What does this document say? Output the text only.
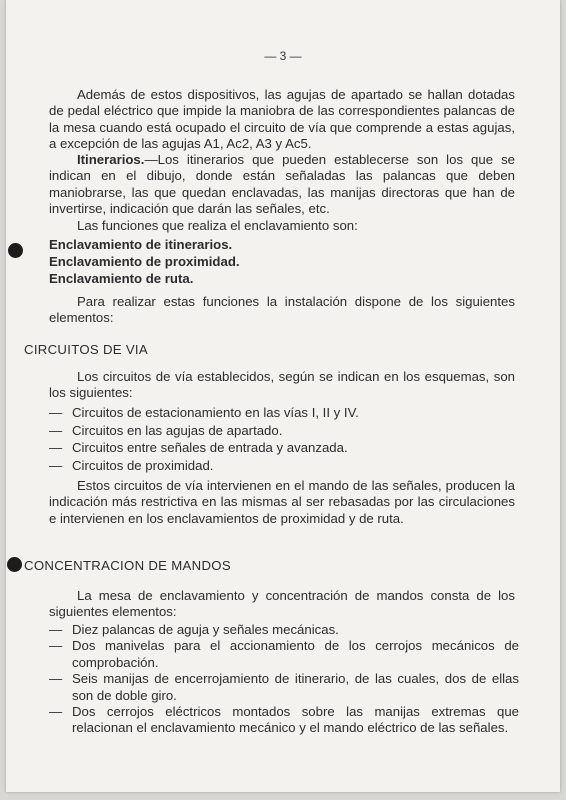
— 3 —
Además de estos dispositivos, las agujas de apartado se hallan dotadas de pedal eléctrico que impide la maniobra de las correspondientes palancas de la mesa cuando está ocupado el circuito de vía que comprende a estas agujas, a excepción de las agujas A1, Ac2, A3 y Ac5.
Itinerarios.—Los itinerarios que pueden establecerse son los que se indican en el dibujo, donde están señaladas las palancas que deben maniobrarse, las que quedan enclavadas, las manijas directoras que han de invertirse, indicación que darán las señales, etc.
Las funciones que realiza el enclavamiento son:
Enclavamiento de itinerarios.
Enclavamiento de proximidad.
Enclavamiento de ruta.
Para realizar estas funciones la instalación dispone de los siguientes elementos:
CIRCUITOS DE VIA
Los circuitos de vía establecidos, según se indican en los esquemas, son los siguientes:
— Circuitos de estacionamiento en las vías I, II y IV.
— Circuitos en las agujas de apartado.
— Circuitos entre señales de entrada y avanzada.
— Circuitos de proximidad.
Estos circuitos de vía intervienen en el mando de las señales, producen la indicación más restrictiva en las mismas al ser rebasadas por las circulaciones e intervienen en los enclavamientos de proximidad y de ruta.
CONCENTRACION DE MANDOS
La mesa de enclavamiento y concentración de mandos consta de los siguientes elementos:
— Diez palancas de aguja y señales mecánicas.
— Dos manivelas para el accionamiento de los cerrojos mecánicos de comprobación.
— Seis manijas de encerrojamiento de itinerario, de las cuales, dos de ellas son de doble giro.
— Dos cerrojos eléctricos montados sobre las manijas extremas que relacionan el enclavamiento mecánico y el mando eléctrico de las señales.
